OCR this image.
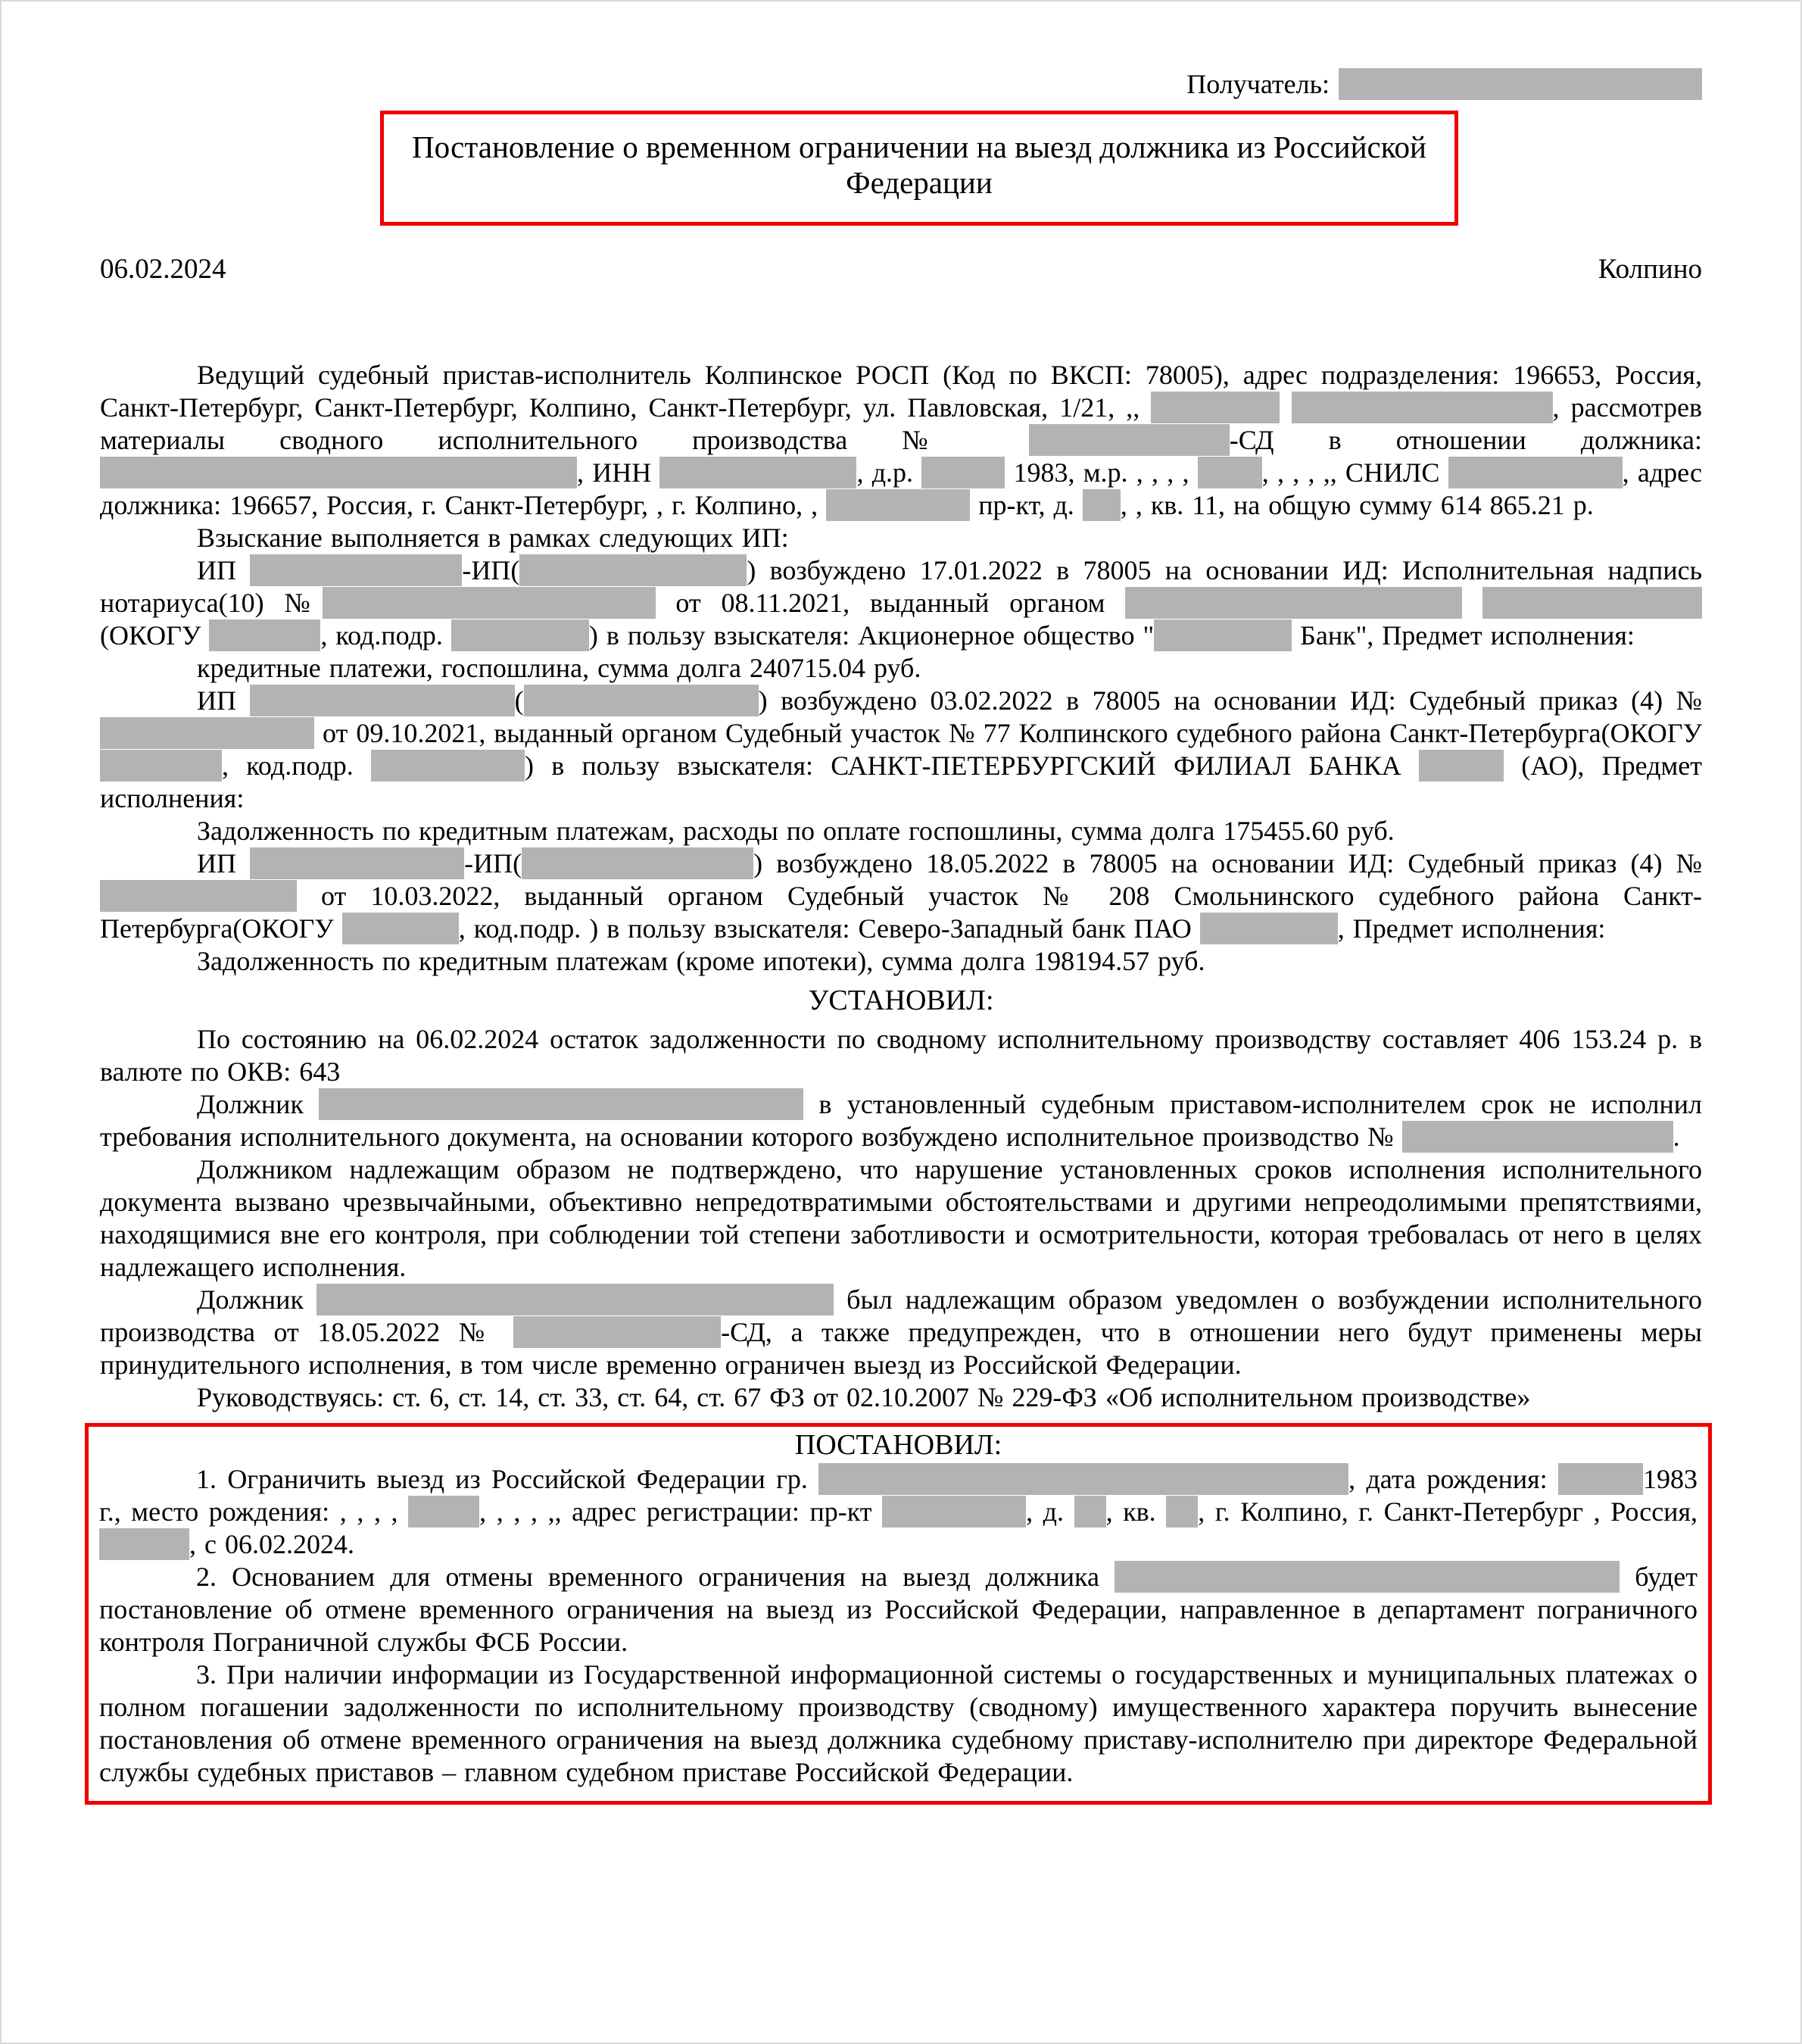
Получатель:
Постановление о временном ограничении на выезд должника из Российской Федерации
06.02.2024	Колпино

Ведущий судебный пристав-исполнитель Колпинское РОСП (Код по ВКСП: 78005), адрес подразделения: 196653, Россия, Санкт-Петербург, Санкт-Петербург, Колпино, Санкт-Петербург, ул. Павловская, 1/21, ,,	, рассмотрев материалы сводного исполнительного производства №	-СД в отношении должника: , ИНН	, д.р.	1983, м.р. , , , , , , , , ,, СНИЛС	, адрес должника: 196657, Россия, г. Санкт-Петербург, , г. Колпино, ,	пр-кт, д. , , кв. 11, на общую сумму 614 865.21 р.

Взыскание выполняется в рамках следующих ИП:

ИП	-ИП(	) возбуждено 17.01.2022 в 78005 на основании ИД: Исполнительная надпись нотариуса(10) №	от 08.11.2021, выданный органом  (ОКОГУ	, код.подр.	) в пользу взыскателя: Акционерное общество "	Банк", Предмет исполнения:

кредитные платежи, госпошлина, сумма долга 240715.04 руб.

ИП	(	) возбуждено 03.02.2022 в 78005 на основании ИД: Судебный приказ (4) № от 09.10.2021, выданный органом Судебный участок № 77 Колпинского судебного района Санкт-Петербурга(ОКОГУ , код.подр.	) в пользу взыскателя: САНКТ-ПЕТЕРБУРГСКИЙ ФИЛИАЛ БАНКА	(АО), Предмет исполнения:

Задолженность по кредитным платежам, расходы по оплате госпошлины, сумма долга 175455.60 руб.

ИП	-ИП(	) возбуждено 18.05.2022 в 78005 на основании ИД: Судебный приказ (4) № от 10.03.2022, выданный органом Судебный участок № 208 Смольнинского судебного района Санкт-Петербурга(ОКОГУ	, код.подр. ) в пользу взыскателя: Северо-Западный банк ПАО	, Предмет исполнения:

Задолженность по кредитным платежам (кроме ипотеки), сумма долга 198194.57 руб.

УСТАНОВИЛ:

По состоянию на 06.02.2024 остаток задолженности по сводному исполнительному производству составляет 406 153.24 р. в валюте по ОКВ: 643

Должник	в установленный судебным приставом-исполнителем срок не исполнил требования исполнительного документа, на основании которого возбуждено исполнительное производство №	.

Должником надлежащим образом не подтверждено, что нарушение установленных сроков исполнения исполнительного документа вызвано чрезвычайными, объективно непредотвратимыми обстоятельствами и другими непреодолимыми препятствиями, находящимися вне его контроля, при соблюдении той степени заботливости и осмотрительности, которая требовалась от него в целях надлежащего исполнения.

Должник	был надлежащим образом уведомлен о возбуждении исполнительного производства от 18.05.2022 №	-СД, а также предупрежден, что в отношении него будут применены меры принудительного исполнения, в том числе временно ограничен выезд из Российской Федерации.

Руководствуясь: ст. 6, ст. 14, ст. 33, ст. 64, ст. 67 ФЗ от 02.10.2007 № 229-ФЗ «Об исполнительном производстве»

ПОСТАНОВИЛ:

1. Ограничить выезд из Российской Федерации гр.	, дата рождения:	1983 г., место рождения: , , , ,	, , , , ,, адрес регистрации: пр-кт	, д. , кв. , г. Колпино, г. Санкт-Петербург , Россия, , с 06.02.2024.

2. Основанием для отмены временного ограничения на выезд должника	будет постановление об отмене временного ограничения на выезд из Российской Федерации, направленное в департамент пограничного контроля Пограничной службы ФСБ России.

3. При наличии информации из Государственной информационной системы о государственных и муниципальных платежах о полном погашении задолженности по исполнительному производству (сводному) имущественного характера поручить вынесение постановления об отмене временного ограничения на выезд должника судебному приставу-исполнителю при директоре Федеральной службы судебных приставов – главном судебном приставе Российской Федерации.
